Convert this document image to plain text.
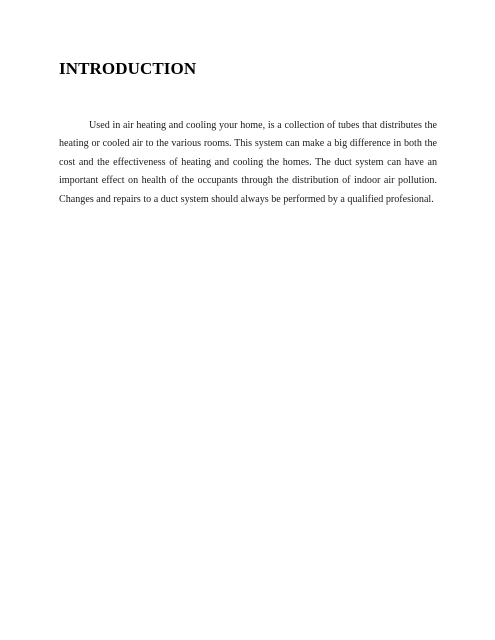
INTRODUCTION

Used in air heating and cooling your home, is a collection of tubes that distributes the heating or cooled air to the various rooms. This system can make a big difference in both the cost and the effectiveness of heating and cooling the homes. The duct system can have an important effect on health of the occupants through the distribution of indoor air pollution. Changes and repairs to a duct system should always be performed by a qualified profesional.
